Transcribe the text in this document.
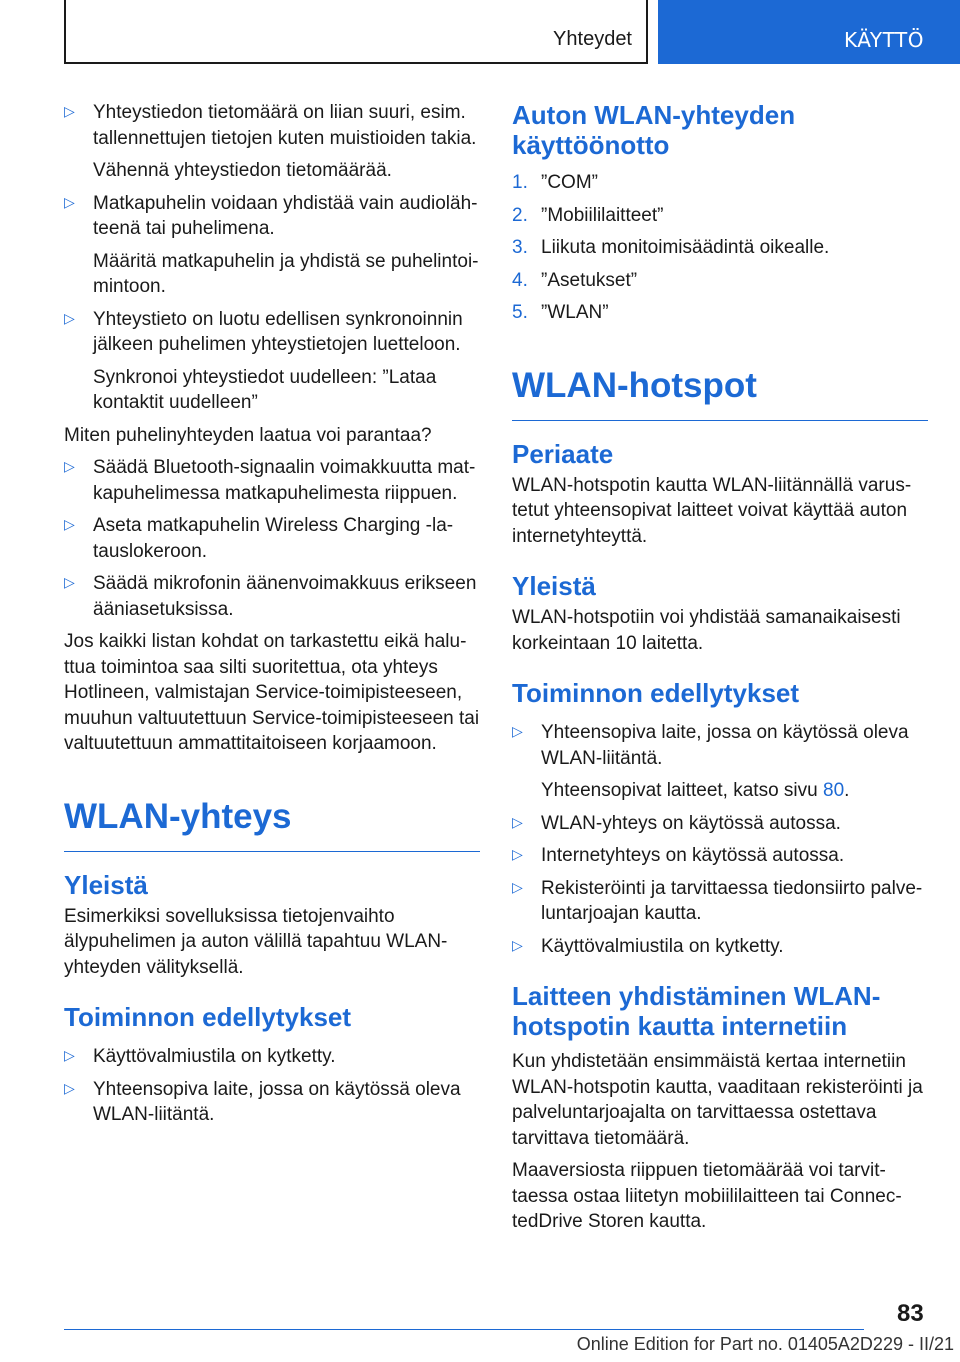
Yhteydet	KÄYTTÖ
▷ Yhteystiedon tietomäärä on liian suuri, esim. tallennettujen tietojen kuten muistioiden takia.
Vähennä yhteystiedon tietomäärää.
▷ Matkapuhelin voidaan yhdistää vain audiolähteenä tai puhelimena.
Määritä matkapuhelin ja yhdistä se puhelintoimintoon.
▷ Yhteystieto on luotu edellisen synkronoinnin jälkeen puhelimen yhteystietojen luetteloon.
Synkronoi yhteystiedot uudelleen: ”Lataa kontaktit uudelleen”

Miten puhelinyhteyden laatua voi parantaa?

▷ Säädä Bluetooth-signaalin voimakkuutta matkapuhelimessa matkapuhelimesta riippuen.
▷ Aseta matkapuhelin Wireless Charging -latauslokeroon.
▷ Säädä mikrofonin äänenvoimakkuus erikseen ääniasetuksissa.

Jos kaikki listan kohdat on tarkastettu eikä haluttua toimintoa saa silti suoritettua, ota yhteys Hotlineen, valmistajan Service-toimipisteeseen, muuhun valtuutettuun Service-toimipisteeseen tai valtuutettuun ammattitaitoiseen korjaamoon.

WLAN-yhteys
Yleistä

Esimerkiksi sovelluksissa tietojenvaihto älypuhelimen ja auton välillä tapahtuu WLAN-yhteyden välityksellä.

Toiminnon edellytykset
▷ Käyttövalmiustila on kytketty.
▷ Yhteensopiva laite, jossa on käytössä oleva WLAN-liitäntä.
Auton WLAN-yhteyden käyttöönotto
1. ”COM”
2. ”Mobiililaitteet”
3. Liikuta monitoimisäädintä oikealle.
4. ”Asetukset”
5. ”WLAN”
WLAN-hotspot
Periaate

WLAN-hotspotin kautta WLAN-liitännällä varustetut yhteensopivat laitteet voivat käyttää auton internetyhteyttä.

Yleistä

WLAN-hotspotiin voi yhdistää samanaikaisesti korkeintaan 10 laitetta.

Toiminnon edellytykset
▷ Yhteensopiva laite, jossa on käytössä oleva WLAN-liitäntä.
Yhteensopivat laitteet, katso sivu 80.
▷ WLAN-yhteys on käytössä autossa.
▷ Internetyhteys on käytössä autossa.
▷ Rekisteröinti ja tarvittaessa tiedonsiirto palveluntarjoajan kautta.
▷ Käyttövalmiustila on kytketty.
Laitteen yhdistäminen WLAN-hotspotin kautta internetiin

Kun yhdistetään ensimmäistä kertaa internetiin WLAN-hotspotin kautta, vaaditaan rekisteröinti ja palveluntarjoajalta on tarvittaessa ostettava tarvittava tietomäärä.

Maaversiosta riippuen tietomäärää voi tarvittaessa ostaa liitetyn mobiililaitteen tai ConnectedDrive Storen kautta.

83
Online Edition for Part no. 01405A2D229 - II/21
